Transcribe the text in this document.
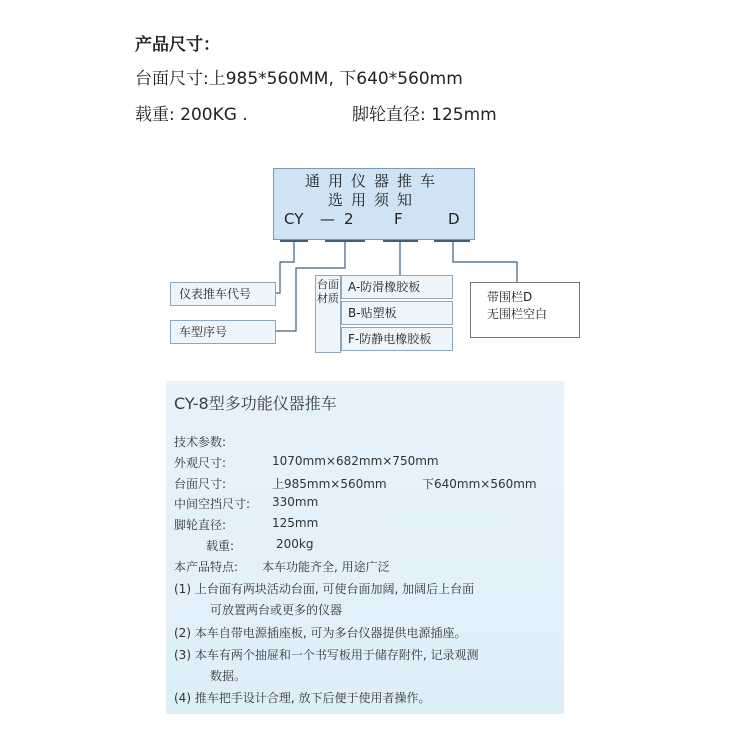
产品尺寸：
台面尺寸:上985*560MM, 下640*560mm
载重: 200KG .	脚轮直径: 125mm
通用仪器推车
选用须知
CY — 2	F	D
仪表推车代号
车型序号
台面材质
A-防滑橡胶板
B-贴塑板
F-防静电橡胶板
带围栏D
无围栏空白
CY-8型多功能仪器推车
技术参数:
外观尺寸:	1070mm×682mm×750mm
台面尺寸:	上985mm×560mm	下640mm×560mm
中间空挡尺寸: 330mm
脚轮直径:	125mm
载重:	200kg
本产品特点: 本车功能齐全, 用途广泛
(1) 上台面有两块活动台面, 可使台面加阔, 加阔后上台面
可放置两台或更多的仪器
(2) 本车自带电源插座板, 可为多台仪器提供电源插座。
(3) 本车有两个抽屉和一个书写板用于储存附件, 记录观测
数据。
(4) 推车把手设计合理, 放下后便于使用者操作。
